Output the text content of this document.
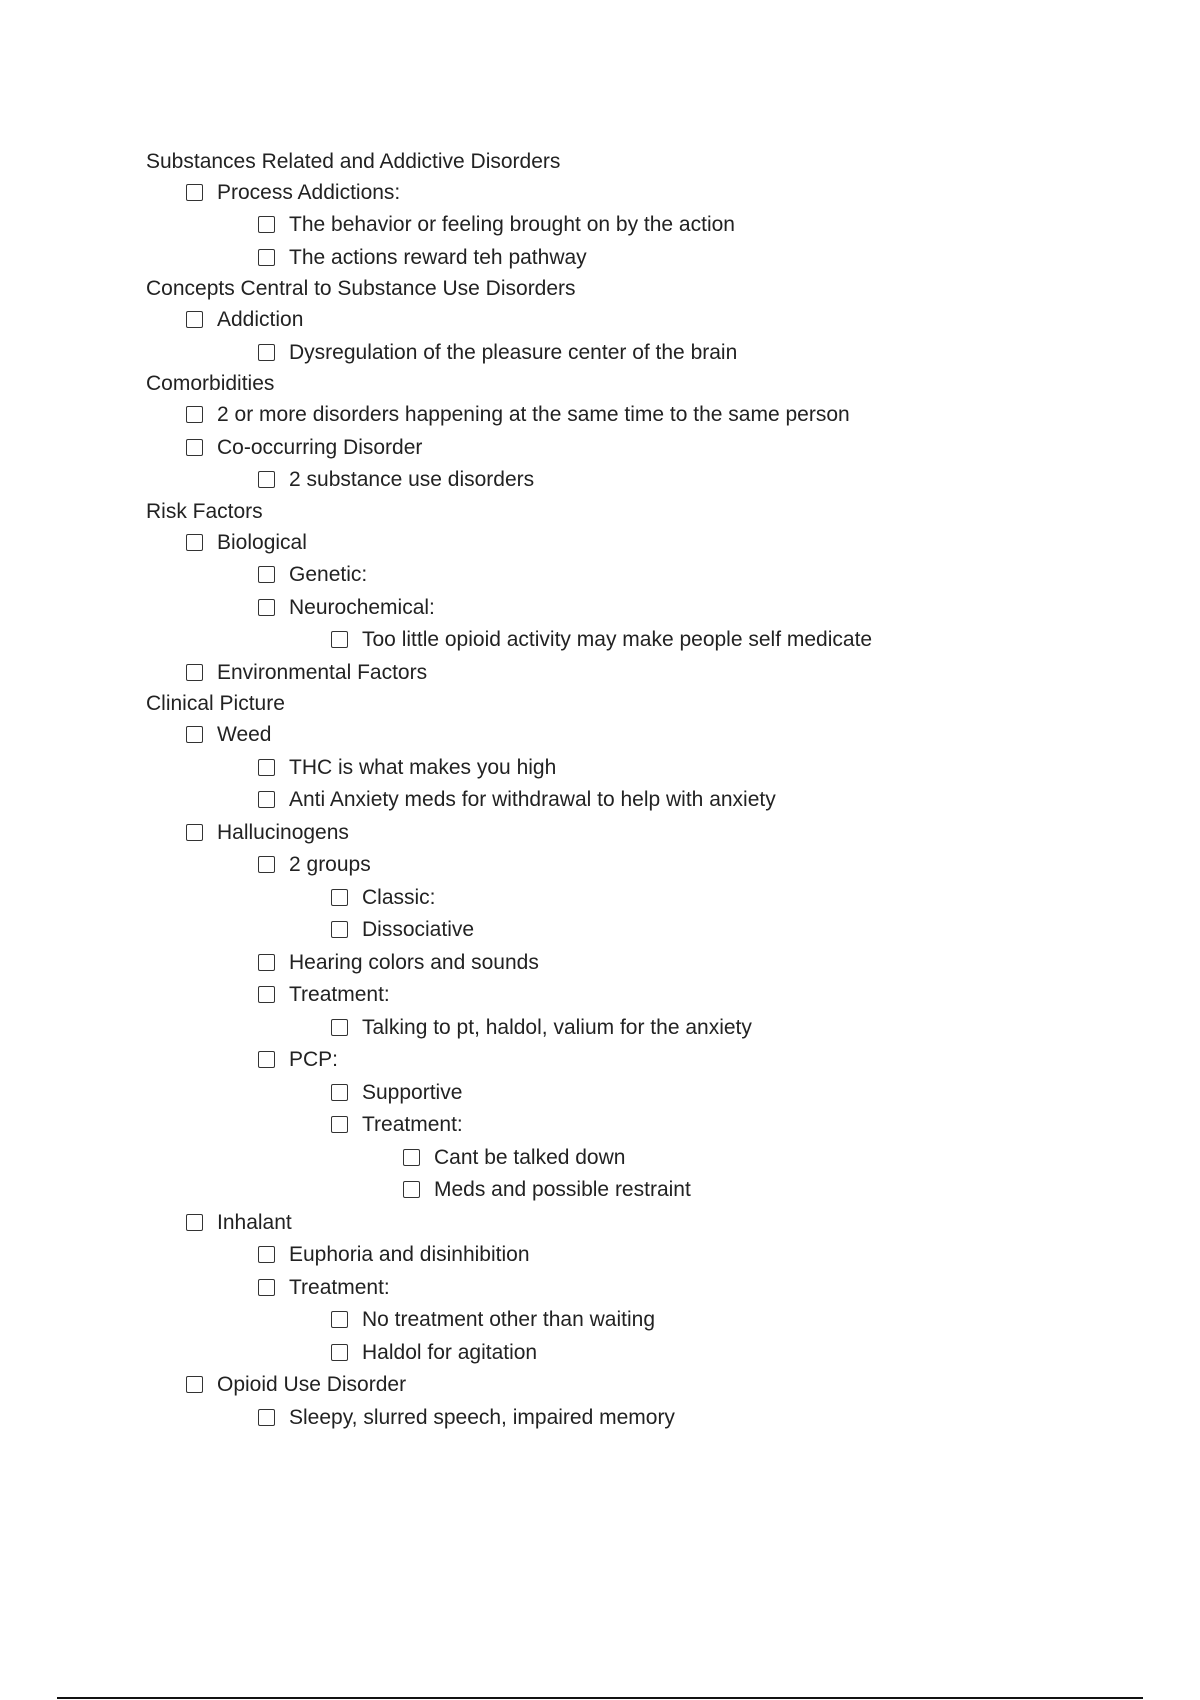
Substances Related and Addictive Disorders
Process Addictions:
The behavior or feeling brought on by the action
The actions reward teh pathway
Concepts Central to Substance Use Disorders
Addiction
Dysregulation of the pleasure center of the brain
Comorbidities
2 or more disorders happening at the same time to the same person
Co-occurring Disorder
2 substance use disorders
Risk Factors
Biological
Genetic:
Neurochemical:
Too little opioid activity may make people self medicate
Environmental Factors
Clinical Picture
Weed
THC is what makes you high
Anti Anxiety meds for withdrawal to help with anxiety
Hallucinogens
2 groups
Classic:
Dissociative
Hearing colors and sounds
Treatment:
Talking to pt, haldol, valium for the anxiety
PCP:
Supportive
Treatment:
Cant be talked down
Meds and possible restraint
Inhalant
Euphoria and disinhibition
Treatment:
No treatment other than waiting
Haldol for agitation
Opioid Use Disorder
Sleepy, slurred speech, impaired memory
